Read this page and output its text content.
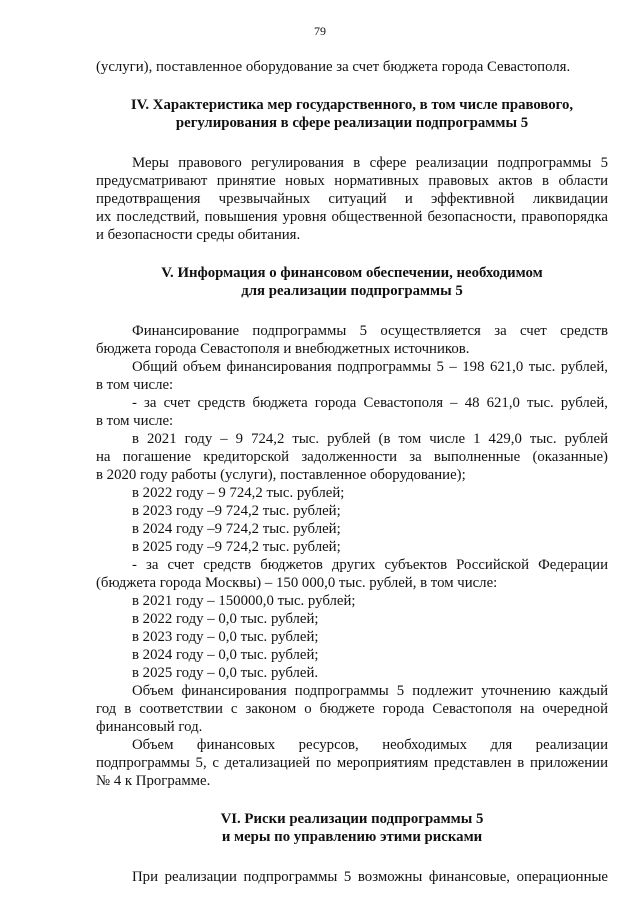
79
(услуги), поставленное оборудование за счет бюджета города Севастополя.
IV. Характеристика мер государственного, в том числе правового,
регулирования в сфере реализации подпрограммы 5
Меры правового регулирования в сфере реализации подпрограммы 5
предусматривают принятие новых нормативных правовых актов в области
предотвращения чрезвычайных ситуаций и эффективной ликвидации
их последствий, повышения уровня общественной безопасности, правопорядка
и безопасности среды обитания.
V. Информация о финансовом обеспечении, необходимом
для реализации подпрограммы 5
Финансирование подпрограммы 5 осуществляется за счет средств
бюджета города Севастополя и внебюджетных источников.
Общий объем финансирования подпрограммы 5 – 198 621,0 тыс. рублей,
в том числе:
- за счет средств бюджета города Севастополя – 48 621,0 тыс. рублей,
в том числе:
в 2021 году – 9 724,2 тыс. рублей (в том числе 1 429,0 тыс. рублей
на погашение кредиторской задолженности за выполненные (оказанные)
в 2020 году работы (услуги), поставленное оборудование);
в 2022 году – 9 724,2 тыс. рублей;
в 2023 году –9 724,2 тыс. рублей;
в 2024 году –9 724,2 тыс. рублей;
в 2025 году –9 724,2 тыс. рублей;
- за счет средств бюджетов других субъектов Российской Федерации
(бюджета города Москвы) – 150 000,0 тыс. рублей, в том числе:
в 2021 году – 150000,0 тыс. рублей;
в 2022 году – 0,0 тыс. рублей;
в 2023 году – 0,0 тыс. рублей;
в 2024 году – 0,0 тыс. рублей;
в 2025 году – 0,0 тыс. рублей.
Объем финансирования подпрограммы 5 подлежит уточнению каждый
год в соответствии с законом о бюджете города Севастополя на очередной
финансовый год.
Объем финансовых ресурсов, необходимых для реализации
подпрограммы 5, с детализацией по мероприятиям представлен в приложении
№ 4 к Программе.
VI. Риски реализации подпрограммы 5
и меры по управлению этими рисками
При реализации подпрограммы 5 возможны финансовые, операционные
